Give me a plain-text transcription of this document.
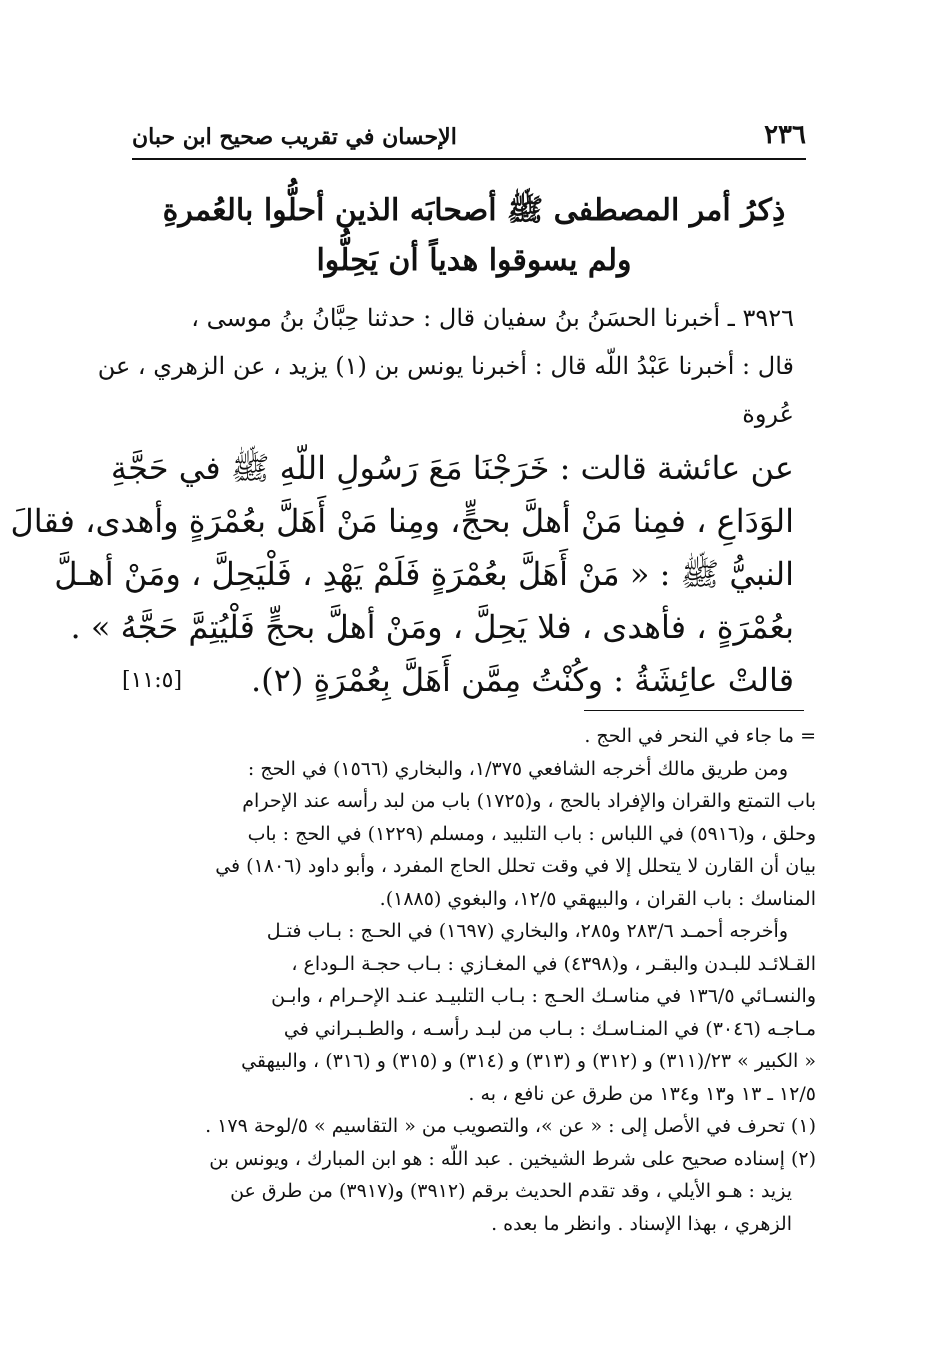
٢٣٦
الإحسان في تقريب صحيح ابن حبان
ذِكرُ أمر المصطفى ﷺ أصحابَه الذين أحلُّوا بالعُمرةِ
ولم يسوقوا هدياً أن يَحِلُّوا
٣٩٢٦ ـ أخبرنا الحسَنُ بنُ سفيان قال : حدثنا حِبَّانُ بنُ موسى ،
قال : أخبرنا عَبْدُ اللّه قال : أخبرنا يونس بن (١) يزيد ، عن الزهري ، عن
عُروة
عن عائشة قالت : خَرَجْنَا مَعَ رَسُولِ اللّهِ ﷺ في حَجَّةِ
الوَدَاعِ ، فمِنا مَنْ أهلَّ بحجٍّ، ومِنا مَنْ أَهَلَّ بعُمْرَةٍ وأهدى، فقالَ
النبيُّ ﷺ : « مَنْ أَهَلَّ بعُمْرَةٍ فَلَمْ يَهْدِ ، فَلْيَحِلَّ ، ومَنْ أهـلَّ
بعُمْرَةٍ ، فأهدى ، فلا يَحِلَّ ، ومَنْ أهلَّ بحجٍّ فَلْيُتِمَّ حَجَّهُ » .
قالتْ عائِشَةُ : وكُنْتُ مِمَّن أَهَلَّ بِعُمْرَةٍ (٢).
[١١:٥]
= ما جاء في النحر في الحج .
ومن طريق مالك أخرجه الشافعي ١/٣٧٥، والبخاري (١٥٦٦) في الحج :
باب التمتع والقران والإفراد بالحج ، و(١٧٢٥) باب من لبد رأسه عند الإحرام
وحلق ، و(٥٩١٦) في اللباس : باب التلبيد ، ومسلم (١٢٢٩) في الحج : باب
بيان أن القارن لا يتحلل إلا في وقت تحلل الحاج المفرد ، وأبو داود (١٨٠٦) في
المناسك : باب القران ، والبيهقي ١٢/٥، والبغوي (١٨٨٥).
وأخرجه أحمـد ٢٨٣/٦ و٢٨٥، والبخاري (١٦٩٧) في الحـج : بـاب فتـل
القـلائـد للبـدن والبقـر ، و(٤٣٩٨) في المغـازي : بـاب حجـة الـوداع ،
والنسـائي ١٣٦/٥ في مناسـك الحـج : بـاب التلبيـد عنـد الإحـرام ، وابـن
مـاجـه (٣٠٤٦) في المنـاسـك : بـاب من لبـد رأسـه ، والطـبـراني في
« الكبير » ٢٣/(٣١١) و (٣١٢) و (٣١٣) و (٣١٤) و (٣١٥) و (٣١٦) ، والبيهقي
١٢/٥ ـ ١٣ و١٣ و١٣٤ من طرق عن نافع ، به .
(١) تحرف في الأصل إلى : « عن »، والتصويب من « التقاسيم » ٥/لوحة ١٧٩ .
(٢) إسناده صحيح على شرط الشيخين . عبد اللّه : هو ابن المبارك ، ويونس بن
يزيد : هـو الأيلي ، وقد تقدم الحديث برقم (٣٩١٢) و(٣٩١٧) من طرق عن
الزهري ، بهذا الإسناد . وانظر ما بعده .
